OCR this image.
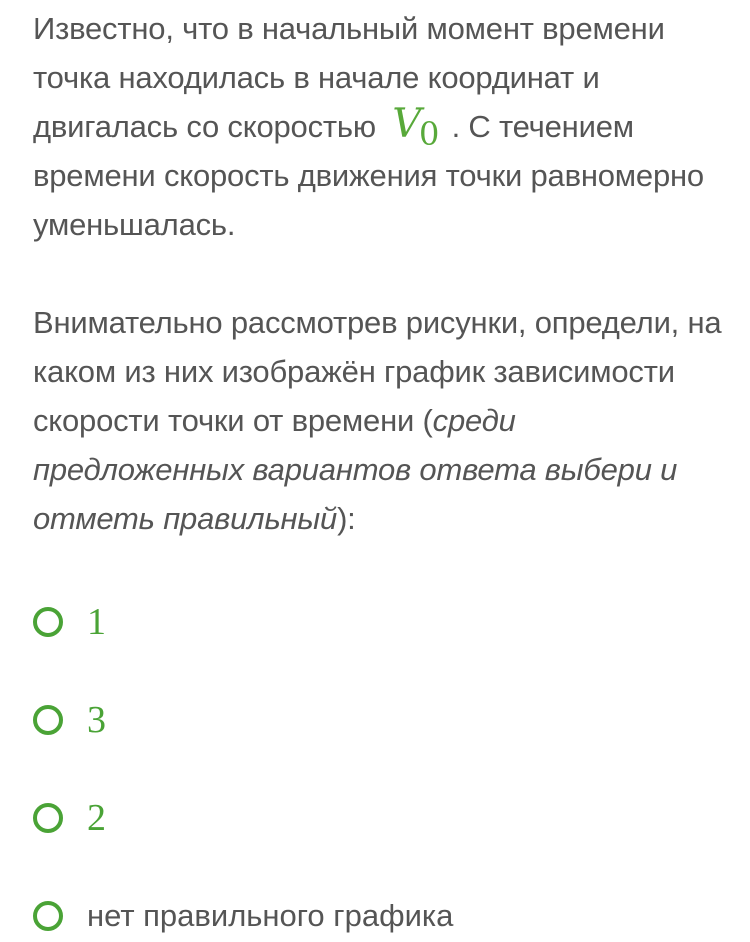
Известно, что в начальный момент времени точка находилась в начале координат и двигалась со скоростью $V_0$ . С течением времени скорость движения точки равномерно уменьшалась.

Внимательно рассмотрев рисунки, определи, на каком из них изображён график зависимости скорости точки от времени (среди предложенных вариантов ответа выбери и отметь правильный):

1
3
2
нет правильного графика
